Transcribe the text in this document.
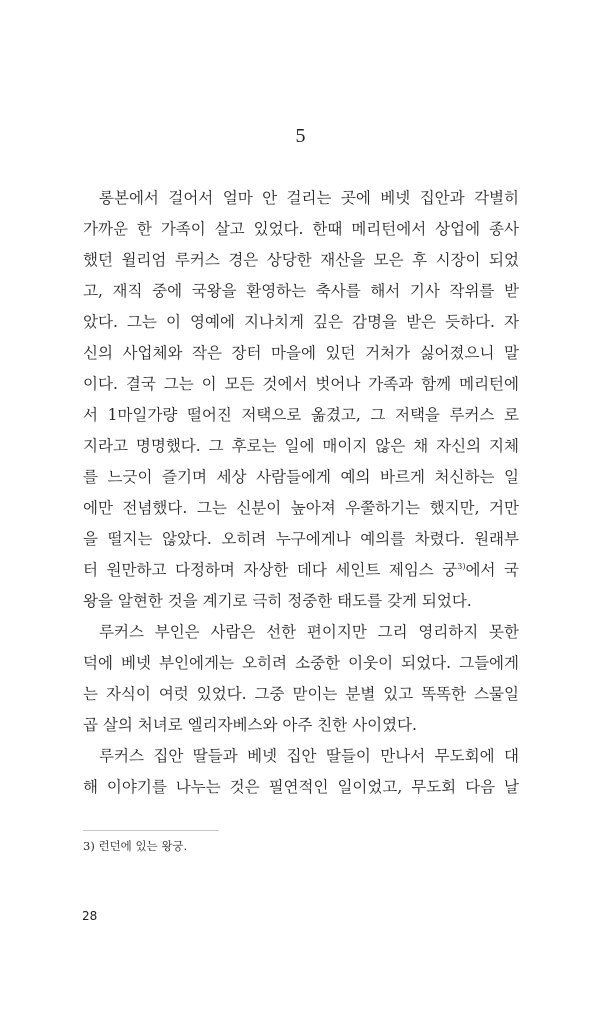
5
롱본에서 걸어서 얼마 안 걸리는 곳에 베넷 집안과 각별히
가까운 한 가족이 살고 있었다. 한때 메리턴에서 상업에 종사
했던 윌리엄 루커스 경은 상당한 재산을 모은 후 시장이 되었
고, 재직 중에 국왕을 환영하는 축사를 해서 기사 작위를 받
았다. 그는 이 영예에 지나치게 깊은 감명을 받은 듯하다. 자
신의 사업체와 작은 장터 마을에 있던 거처가 싫어졌으니 말
이다. 결국 그는 이 모든 것에서 벗어나 가족과 함께 메리턴에
서 1마일가량 떨어진 저택으로 옮겼고, 그 저택을 루커스 로
지라고 명명했다. 그 후로는 일에 매이지 않은 채 자신의 지체
를 느긋이 즐기며 세상 사람들에게 예의 바르게 처신하는 일
에만 전념했다. 그는 신분이 높아져 우쭐하기는 했지만, 거만
을 떨지는 않았다. 오히려 누구에게나 예의를 차렸다. 원래부
터 원만하고 다정하며 자상한 데다 세인트 제임스 궁$^{3)}$에서 국
왕을 알현한 것을 계기로 극히 정중한 태도를 갖게 되었다.
루커스 부인은 사람은 선한 편이지만 그리 영리하지 못한
덕에 베넷 부인에게는 오히려 소중한 이웃이 되었다. 그들에게
는 자식이 여럿 있었다. 그중 맏이는 분별 있고 똑똑한 스물일
곱 살의 처녀로 엘리자베스와 아주 친한 사이였다.
루커스 집안 딸들과 베넷 집안 딸들이 만나서 무도회에 대
해 이야기를 나누는 것은 필연적인 일이었고, 무도회 다음 날
3) 런던에 있는 왕궁.
28
